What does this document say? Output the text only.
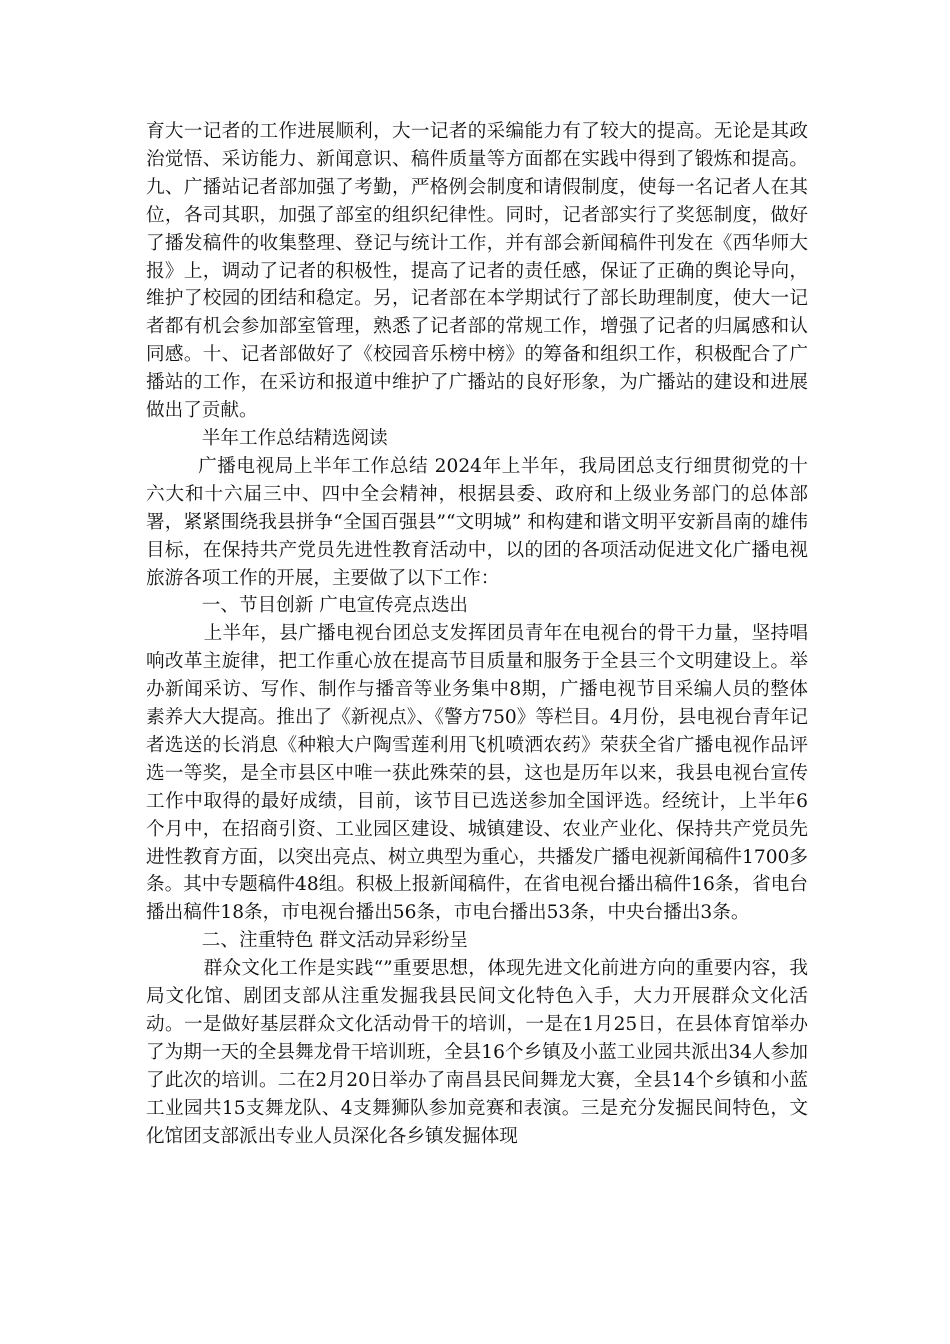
育大一记者的工作进展顺利，大一记者的采编能力有了较大的提高。无论是其政治觉悟、采访能力、新闻意识、稿件质量等方面都在实践中得到了锻炼和提高。九、广播站记者部加强了考勤，严格例会制度和请假制度，使每一名记者人在其位，各司其职，加强了部室的组织纪律性。同时，记者部实行了奖惩制度，做好了播发稿件的收集整理、登记与统计工作，并有部会新闻稿件刊发在《西华师大报》上，调动了记者的积极性，提高了记者的责任感，保证了正确的舆论导向，维护了校园的团结和稳定。另，记者部在本学期试行了部长助理制度，使大一记者都有机会参加部室管理，熟悉了记者部的常规工作，增强了记者的归属感和认同感。十、记者部做好了《校园音乐榜中榜》的筹备和组织工作，积极配合了广播站的工作，在采访和报道中维护了广播站的良好形象，为广播站的建设和进展做出了贡献。

半年工作总结精选阅读

广播电视局上半年工作总结 2024年上半年，我局团总支行细贯彻党的十六大和十六届三中、四中全会精神，根据县委、政府和上级业务部门的总体部署，紧紧围绕我县拼争“全国百强县”“文明城” 和构建和谐文明平安新昌南的雄伟目标，在保持共产党员先进性教育活动中，以的团的各项活动促进文化广播电视旅游各项工作的开展，主要做了以下工作：

一、节目创新 广电宣传亮点迭出

上半年，县广播电视台团总支发挥团员青年在电视台的骨干力量，坚持唱响改革主旋律，把工作重心放在提高节目质量和服务于全县三个文明建设上。举办新闻采访、写作、制作与播音等业务集中8期，广播电视节目采编人员的整体素养大大提高。推出了《新视点》、《警方750》等栏目。4月份，县电视台青年记者选送的长消息《种粮大户陶雪莲利用飞机喷洒农药》荣获全省广播电视作品评选一等奖，是全市县区中唯一获此殊荣的县，这也是历年以来，我县电视台宣传工作中取得的最好成绩，目前，该节目已选送参加全国评选。经统计，上半年6个月中，在招商引资、工业园区建设、城镇建设、农业产业化、保持共产党员先进性教育方面，以突出亮点、树立典型为重心，共播发广播电视新闻稿件1700多条。其中专题稿件48组。积极上报新闻稿件，在省电视台播出稿件16条，省电台播出稿件18条，市电视台播出56条，市电台播出53条，中央台播出3条。

二、注重特色 群文活动异彩纷呈

群众文化工作是实践“”重要思想，体现先进文化前进方向的重要内容，我局文化馆、剧团支部从注重发掘我县民间文化特色入手，大力开展群众文化活动。一是做好基层群众文化活动骨干的培训，一是在1月25日，在县体育馆举办了为期一天的全县舞龙骨干培训班，全县16个乡镇及小蓝工业园共派出34人参加了此次的培训。二在2月20日举办了南昌县民间舞龙大赛，全县14个乡镇和小蓝工业园共15支舞龙队、4支舞狮队参加竞赛和表演。三是充分发掘民间特色，文化馆团支部派出专业人员深化各乡镇发掘体现
